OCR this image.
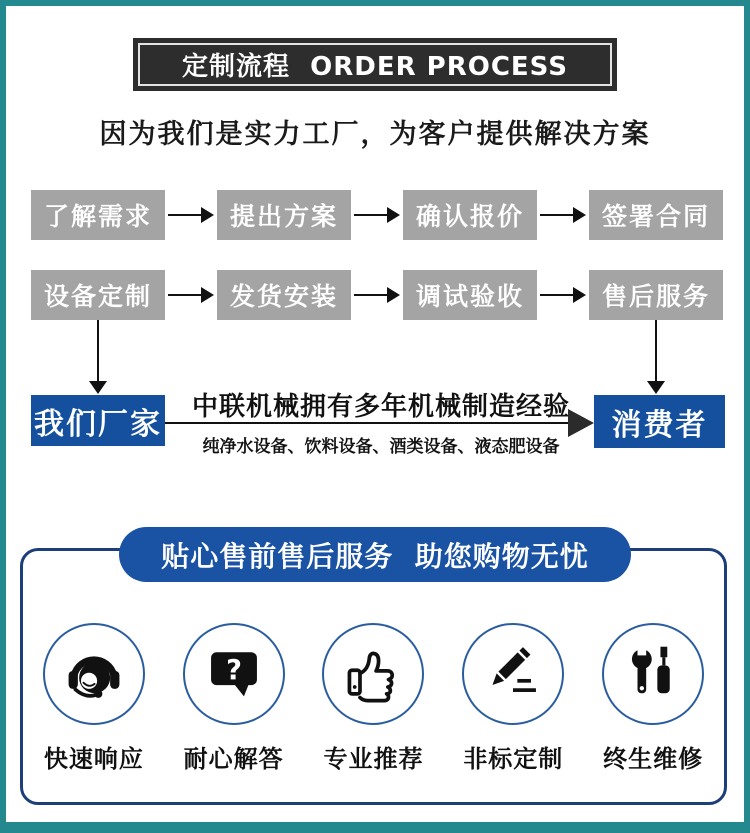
定制流程  ORDER PROCESS
因为我们是实力工厂，为客户提供解决方案
了解需求	提出方案	确认报价	签署合同
设备定制	发货安装	调试验收	售后服务
我们厂家	消费者
中联机械拥有多年机械制造经验
纯净水设备、饮料设备、酒类设备、液态肥设备
快速响应
?
耐心解答 专业推荐 非标定制 终生维修
贴心售前售后服务  助您购物无忧
